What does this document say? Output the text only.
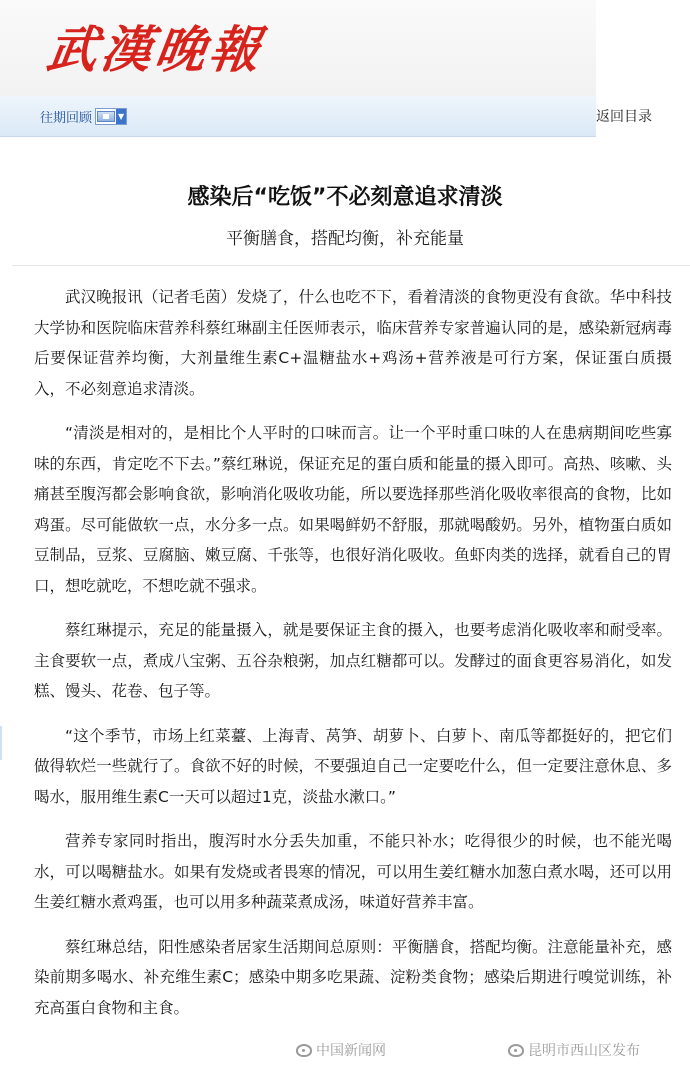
武漢晚報
往期回顾	▼	返回目录
感染后“吃饭”不必刻意追求清淡
平衡膳食，搭配均衡，补充能量

武汉晚报讯（记者毛茵）发烧了，什么也吃不下，看着清淡的食物更没有食欲。华中科技大学协和医院临床营养科蔡红琳副主任医师表示，临床营养专家普遍认同的是，感染新冠病毒后要保证营养均衡，大剂量维生素C+温糖盐水+鸡汤+营养液是可行方案，保证蛋白质摄入，不必刻意追求清淡。

“清淡是相对的，是相比个人平时的口味而言。让一个平时重口味的人在患病期间吃些寡味的东西，肯定吃不下去。”蔡红琳说，保证充足的蛋白质和能量的摄入即可。高热、咳嗽、头痛甚至腹泻都会影响食欲，影响消化吸收功能，所以要选择那些消化吸收率很高的食物，比如鸡蛋。尽可能做软一点，水分多一点。如果喝鲜奶不舒服，那就喝酸奶。另外，植物蛋白质如豆制品，豆浆、豆腐脑、嫩豆腐、千张等，也很好消化吸收。鱼虾肉类的选择，就看自己的胃口，想吃就吃，不想吃就不强求。

蔡红琳提示，充足的能量摄入，就是要保证主食的摄入，也要考虑消化吸收率和耐受率。主食要软一点，煮成八宝粥、五谷杂粮粥，加点红糖都可以。发酵过的面食更容易消化，如发糕、馒头、花卷、包子等。

“这个季节，市场上红菜薹、上海青、莴笋、胡萝卜、白萝卜、南瓜等都挺好的，把它们做得软烂一些就行了。食欲不好的时候，不要强迫自己一定要吃什么，但一定要注意休息、多喝水，服用维生素C一天可以超过1克，淡盐水漱口。”

营养专家同时指出，腹泻时水分丢失加重，不能只补水；吃得很少的时候，也不能光喝水，可以喝糖盐水。如果有发烧或者畏寒的情况，可以用生姜红糖水加葱白煮水喝，还可以用生姜红糖水煮鸡蛋，也可以用多种蔬菜煮成汤，味道好营养丰富。

蔡红琳总结，阳性感染者居家生活期间总原则：平衡膳食，搭配均衡。注意能量补充，感染前期多喝水、补充维生素C；感染中期多吃果蔬、淀粉类食物；感染后期进行嗅觉训练，补充高蛋白食物和主食。

中国新闻网	昆明市西山区发布
